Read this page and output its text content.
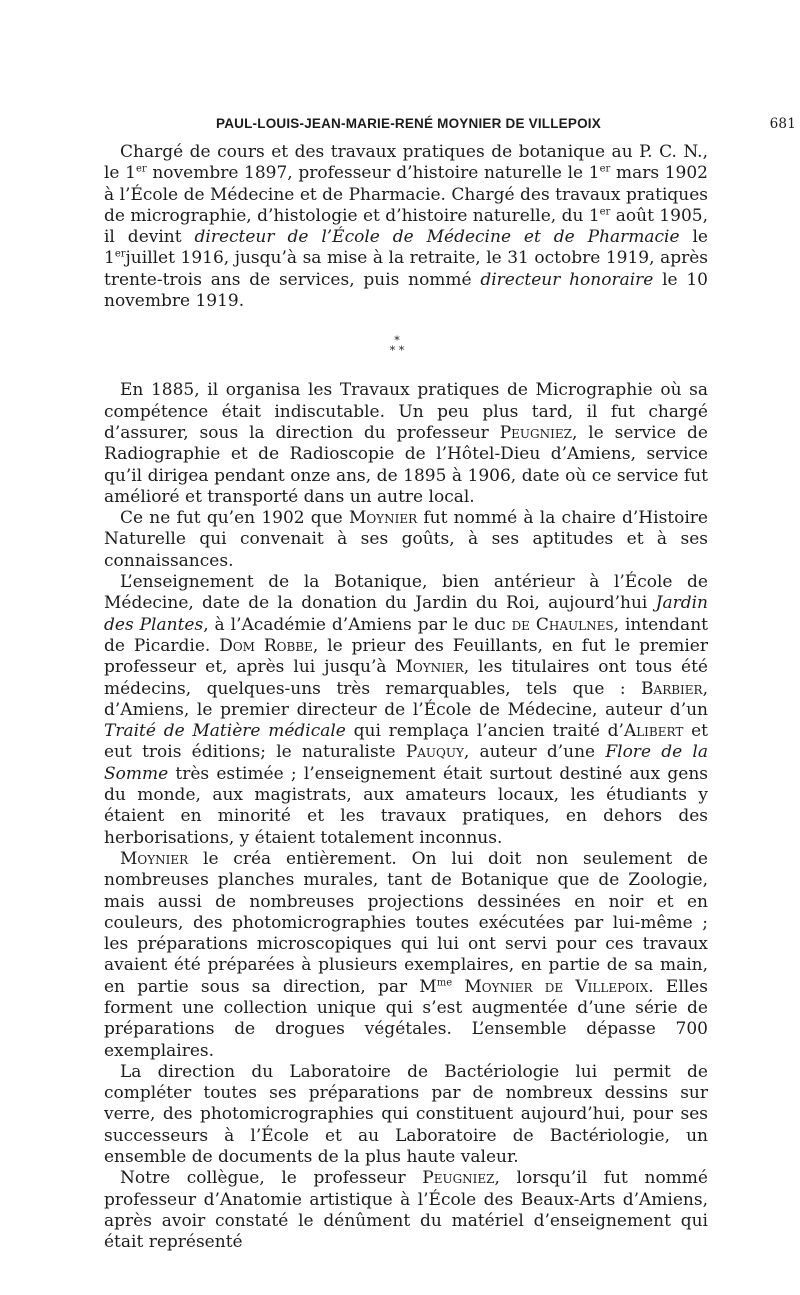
PAUL-LOUIS-JEAN-MARIE-RENÉ MOYNIER DE VILLEPOIX	681

Chargé de cours et des travaux pratiques de botanique au P. C. N., le 1er novembre 1897, professeur d’histoire naturelle le 1er mars 1902 à l’École de Médecine et de Pharmacie. Chargé des travaux pratiques de micrographie, d’histologie et d’histoire naturelle, du 1er août 1905, il devint directeur de l’École de Médecine et de Pharmacie le 1erjuillet 1916, jusqu’à sa mise à la retraite, le 31 octobre 1919, après trente-trois ans de services, puis nommé directeur honoraire le 10 novembre 1919.

*
* *

En 1885, il organisa les Travaux pratiques de Micrographie où sa compétence était indiscutable. Un peu plus tard, il fut chargé d’assurer, sous la direction du professeur Peugniez, le service de Radiographie et de Radioscopie de l’Hôtel-Dieu d’Amiens, service qu’il dirigea pendant onze ans, de 1895 à 1906, date où ce service fut amélioré et transporté dans un autre local.

Ce ne fut qu’en 1902 que Moynier fut nommé à la chaire d’Histoire Naturelle qui convenait à ses goûts, à ses aptitudes et à ses connaissances.

L’enseignement de la Botanique, bien antérieur à l’École de Médecine, date de la donation du Jardin du Roi, aujourd’hui Jardin des Plantes, à l’Académie d’Amiens par le duc de Chaulnes, intendant de Picardie. Dom Robbe, le prieur des Feuillants, en fut le premier professeur et, après lui jusqu’à Moynier, les titulaires ont tous été médecins, quelques-uns très remarquables, tels que : Barbier, d’Amiens, le premier directeur de l’École de Médecine, auteur d’un Traité de Matière médicale qui remplaça l’ancien traité d’Alibert et eut trois éditions; le naturaliste Pauquy, auteur d’une Flore de la Somme très estimée ; l’enseignement était surtout destiné aux gens du monde, aux magistrats, aux amateurs locaux, les étudiants y étaient en minorité et les travaux pratiques, en dehors des herborisations, y étaient totalement inconnus.

Moynier le créa entièrement. On lui doit non seulement de nombreuses planches murales, tant de Botanique que de Zoologie, mais aussi de nombreuses projections dessinées en noir et en couleurs, des photomicrographies toutes exécutées par lui-même ; les préparations microscopiques qui lui ont servi pour ces travaux avaient été préparées à plusieurs exemplaires, en partie de sa main, en partie sous sa direction, par $M^{me}$ Moynier de Villepoix. Elles forment une collection unique qui s’est augmentée d’une série de préparations de drogues végétales. L’ensemble dépasse 700 exemplaires.

La direction du Laboratoire de Bactériologie lui permit de compléter toutes ses préparations par de nombreux dessins sur verre, des photomicrographies qui constituent aujourd’hui, pour ses successeurs à l’École et au Laboratoire de Bactériologie, un ensemble de documents de la plus haute valeur.

Notre collègue, le professeur Peugniez, lorsqu’il fut nommé professeur d’Anatomie artistique à l’École des Beaux-Arts d’Amiens, après avoir constaté le dénûment du matériel d’enseignement qui était représenté
